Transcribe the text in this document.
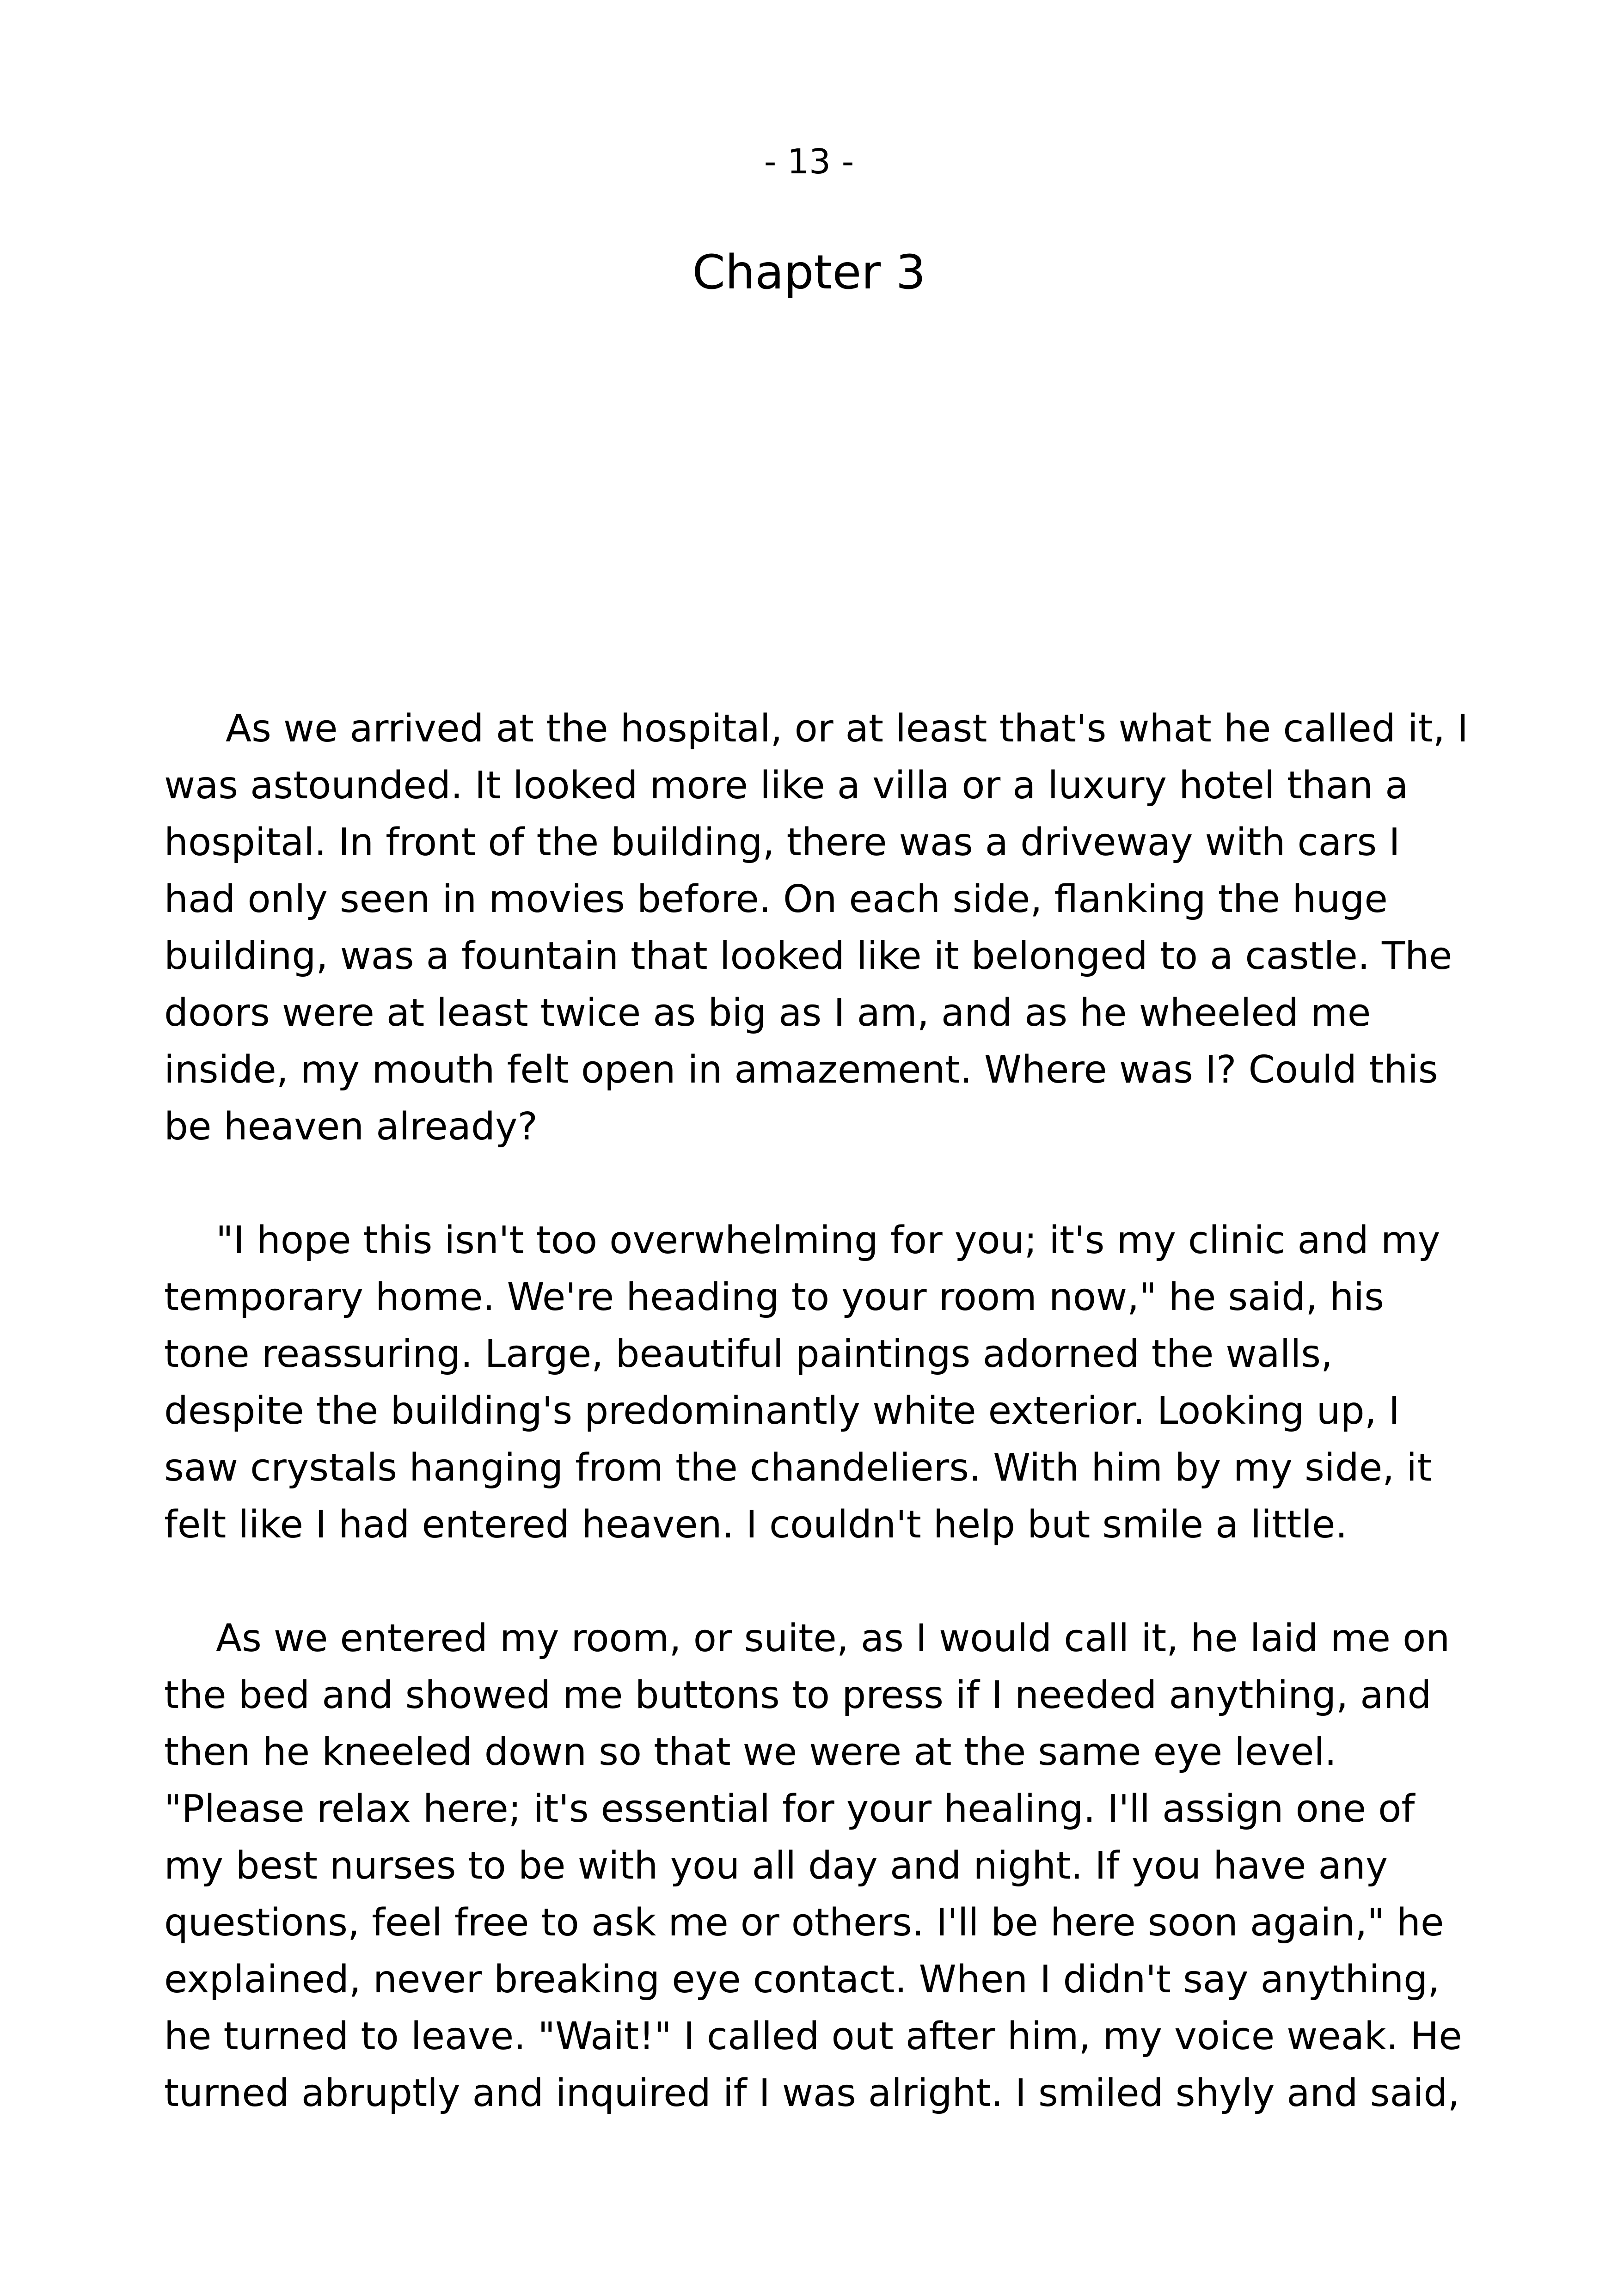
- 13 -
Chapter 3
As we arrived at the hospital, or at least that's what he called it, I
was astounded. It looked more like a villa or a luxury hotel than a
hospital. In front of the building, there was a driveway with cars I
had only seen in movies before. On each side, flanking the huge
building, was a fountain that looked like it belonged to a castle. The
doors were at least twice as big as I am, and as he wheeled me
inside, my mouth felt open in amazement. Where was I? Could this
be heaven already?
"I hope this isn't too overwhelming for you; it's my clinic and my
temporary home. We're heading to your room now," he said, his
tone reassuring. Large, beautiful paintings adorned the walls,
despite the building's predominantly white exterior. Looking up, I
saw crystals hanging from the chandeliers. With him by my side, it
felt like I had entered heaven. I couldn't help but smile a little.
As we entered my room, or suite, as I would call it, he laid me on
the bed and showed me buttons to press if I needed anything, and
then he kneeled down so that we were at the same eye level.
"Please relax here; it's essential for your healing. I'll assign one of
my best nurses to be with you all day and night. If you have any
questions, feel free to ask me or others. I'll be here soon again," he
explained, never breaking eye contact. When I didn't say anything,
he turned to leave. "Wait!" I called out after him, my voice weak. He
turned abruptly and inquired if I was alright. I smiled shyly and said,
